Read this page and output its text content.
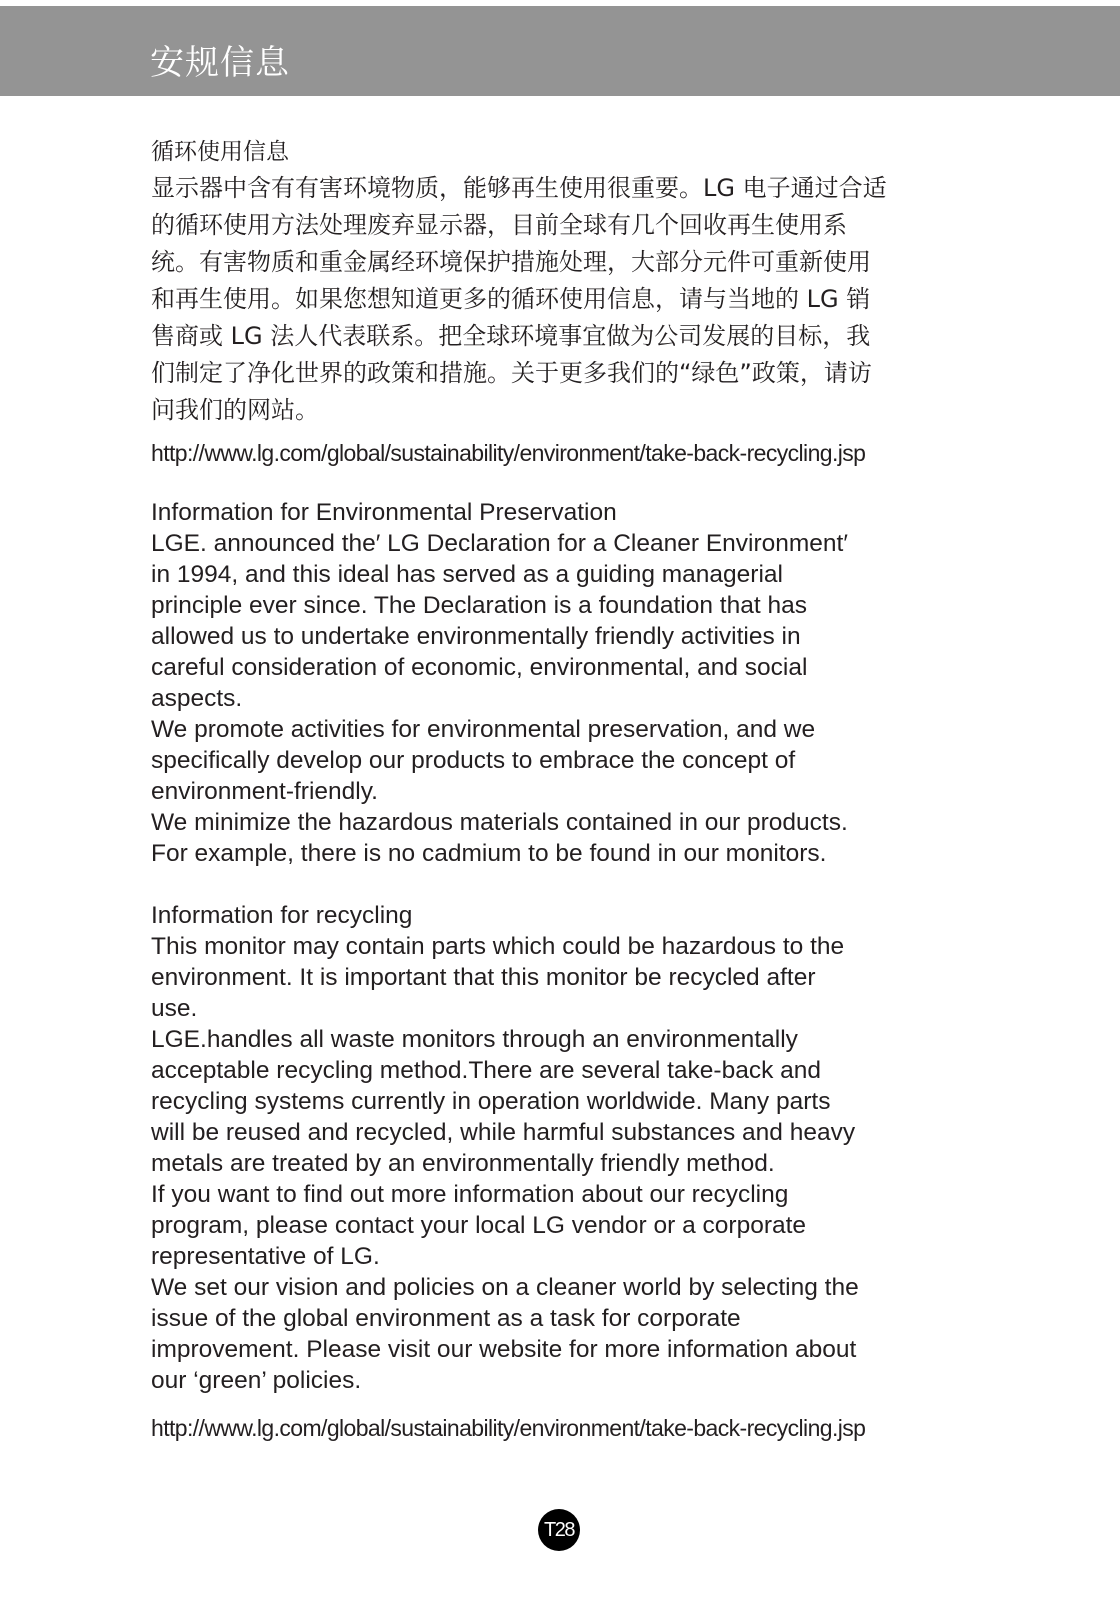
安规信息
循环使用信息
显示器中含有有害环境物质，能够再生使用很重要。LG 电子通过合适
的循环使用方法处理废弃显示器，目前全球有几个回收再生使用系
统。有害物质和重金属经环境保护措施处理，大部分元件可重新使用
和再生使用。如果您想知道更多的循环使用信息，请与当地的 LG 销
售商或 LG 法人代表联系。把全球环境事宜做为公司发展的目标，我
们制定了净化世界的政策和措施。关于更多我们的“绿色”政策，请访
问我们的网站。
http://www.lg.com/global/sustainability/environment/take-back-recycling.jsp
Information for Environmental Preservation
LGE. announced the′ LG Declaration for a Cleaner Environment′
in 1994, and this ideal has served as a guiding managerial
principle ever since. The Declaration is a foundation that has
allowed us to undertake environmentally friendly activities in
careful consideration of economic, environmental, and social
aspects.
We promote activities for environmental preservation, and we
specifically develop our products to embrace the concept of
environment-friendly.
We minimize the hazardous materials contained in our products.
For example, there is no cadmium to be found in our monitors.
Information for recycling
This monitor may contain parts which could be hazardous to the
environment. It is important that this monitor be recycled after
use.
LGE.handles all waste monitors through an environmentally
acceptable recycling method.There are several take-back and
recycling systems currently in operation worldwide. Many parts
will be reused and recycled, while harmful substances and heavy
metals are treated by an environmentally friendly method.
If you want to find out more information about our recycling
program, please contact your local LG vendor or a corporate
representative of LG.
We set our vision and policies on a cleaner world by selecting the
issue of the global environment as a task for corporate
improvement. Please visit our website for more information about
our ‘green’ policies.
http://www.lg.com/global/sustainability/environment/take-back-recycling.jsp
T28
